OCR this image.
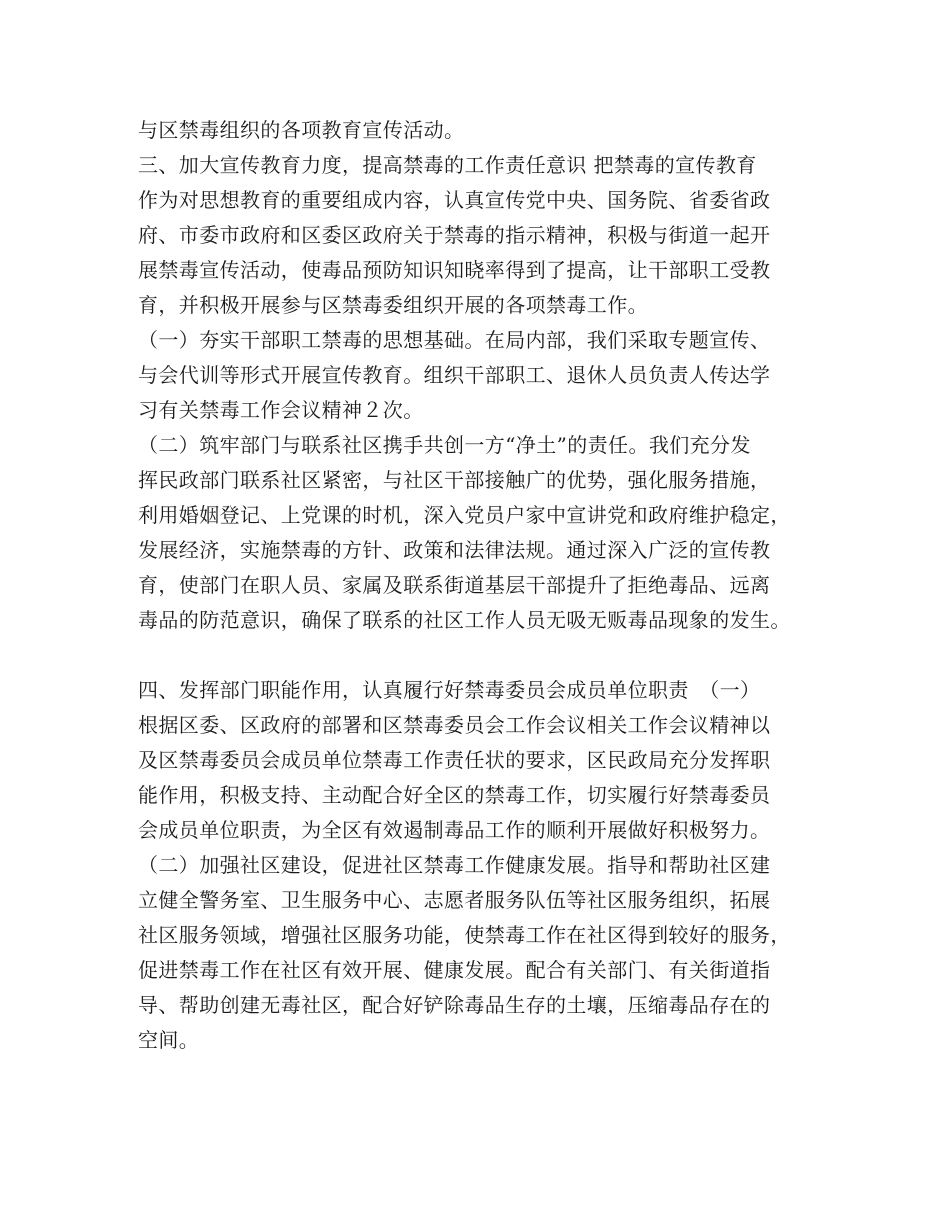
与区禁毒组织的各项教育宣传活动。
三、加大宣传教育力度，提高禁毒的工作责任意识 把禁毒的宣传教育
作为对思想教育的重要组成内容，认真宣传党中央、国务院、省委省政
府、市委市政府和区委区政府关于禁毒的指示精神，积极与街道一起开
展禁毒宣传活动，使毒品预防知识知晓率得到了提高，让干部职工受教
育，并积极开展参与区禁毒委组织开展的各项禁毒工作。
（一）夯实干部职工禁毒的思想基础。在局内部，我们采取专题宣传、
与会代训等形式开展宣传教育。组织干部职工、退休人员负责人传达学
习有关禁毒工作会议精神２次。
（二）筑牢部门与联系社区携手共创一方“净土”的责任。我们充分发
挥民政部门联系社区紧密，与社区干部接触广的优势，强化服务措施，
利用婚姻登记、上党课的时机，深入党员户家中宣讲党和政府维护稳定，
发展经济，实施禁毒的方针、政策和法律法规。通过深入广泛的宣传教
育，使部门在职人员、家属及联系街道基层干部提升了拒绝毒品、远离
毒品的防范意识，确保了联系的社区工作人员无吸无贩毒品现象的发生。
四、发挥部门职能作用，认真履行好禁毒委员会成员单位职责　（一）
根据区委、区政府的部署和区禁毒委员会工作会议相关工作会议精神以
及区禁毒委员会成员单位禁毒工作责任状的要求，区民政局充分发挥职
能作用，积极支持、主动配合好全区的禁毒工作，切实履行好禁毒委员
会成员单位职责，为全区有效遏制毒品工作的顺利开展做好积极努力。
（二）加强社区建设，促进社区禁毒工作健康发展。指导和帮助社区建
立健全警务室、卫生服务中心、志愿者服务队伍等社区服务组织，拓展
社区服务领域，增强社区服务功能，使禁毒工作在社区得到较好的服务，
促进禁毒工作在社区有效开展、健康发展。配合有关部门、有关街道指
导、帮助创建无毒社区，配合好铲除毒品生存的土壤，压缩毒品存在的
空间。
